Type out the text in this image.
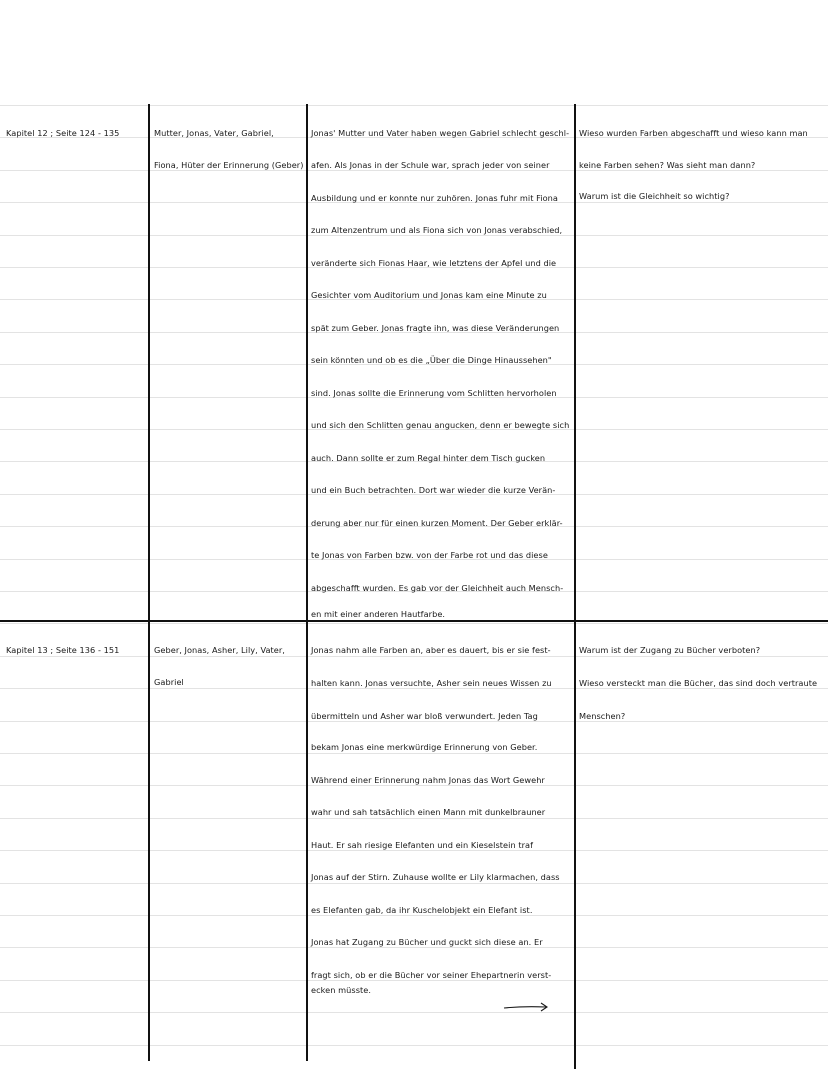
Kapitel 12 ; Seite 124 - 135	Mutter, Jonas, Vater, Gabriel,
Fiona, Hüter der Erinnerung (Geber)
Jonas' Mutter und Vater haben wegen Gabriel schlecht geschl-
afen. Als Jonas in der Schule war, sprach jeder von seiner
Ausbildung und er konnte nur zuhören. Jonas fuhr mit Fiona
zum Altenzentrum und als Fiona sich von Jonas verabschied,
veränderte sich Fionas Haar, wie letztens der Apfel und die
Gesichter vom Auditorium und Jonas kam eine Minute zu
spät zum Geber. Jonas fragte ihn, was diese Veränderungen
sein könnten und ob es die „Über die Dinge Hinaussehen"
sind. Jonas sollte die Erinnerung vom Schlitten hervorholen
und sich den Schlitten genau angucken, denn er bewegte sich
auch. Dann sollte er zum Regal hinter dem Tisch gucken
und ein Buch betrachten. Dort war wieder die kurze Verän-
derung aber nur für einen kurzen Moment. Der Geber erklär-
te Jonas von Farben bzw. von der Farbe rot und das diese
abgeschafft wurden. Es gab vor der Gleichheit auch Mensch-
en mit einer anderen Hautfarbe.
Wieso wurden Farben abgeschafft und wieso kann man
keine Farben sehen? Was sieht man dann?
Warum ist die Gleichheit so wichtig?
Kapitel 13 ; Seite 136 - 151	Geber, Jonas, Asher, Lily, Vater,
Gabriel
Jonas nahm alle Farben an, aber es dauert, bis er sie fest-
halten kann. Jonas versuchte, Asher sein neues Wissen zu
übermitteln und Asher war bloß verwundert. Jeden Tag
bekam Jonas eine merkwürdige Erinnerung von Geber.
Während einer Erinnerung nahm Jonas das Wort Gewehr
wahr und sah tatsächlich einen Mann mit dunkelbrauner
Haut. Er sah riesige Elefanten und ein Kieselstein traf
Jonas auf der Stirn. Zuhause wollte er Lily klarmachen, dass
es Elefanten gab, da ihr Kuschelobjekt ein Elefant ist.
Jonas hat Zugang zu Bücher und guckt sich diese an. Er
fragt sich, ob er die Bücher vor seiner Ehepartnerin verst-
ecken müsste.
Warum ist der Zugang zu Bücher verboten?
Wieso versteckt man die Bücher, das sind doch vertraute
Menschen?
